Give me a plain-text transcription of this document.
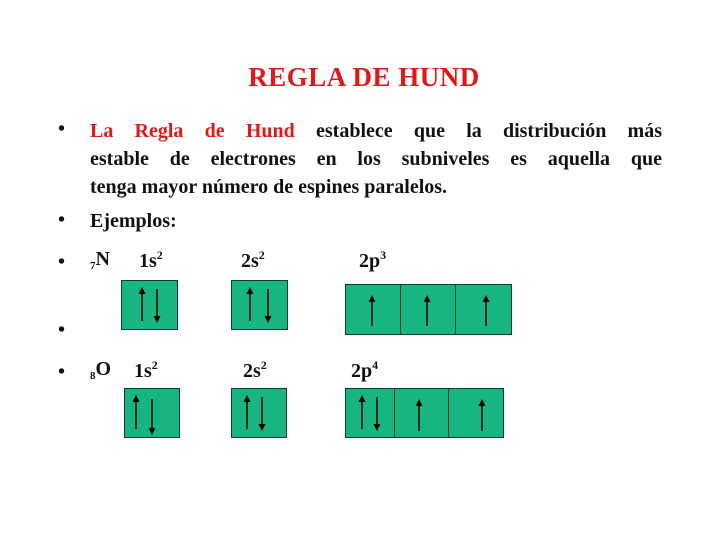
REGLA DE HUND
• La Regla de Hund establece que la distribución más
estable de electrones en los subniveles es aquella que
tenga mayor número de espines paralelos.
• Ejemplos:
• $_7$N $1s^2$	$2s^2$	$2p^3$
•
• $_8$O $1s^2$	$2s^2$	$2p^4$
